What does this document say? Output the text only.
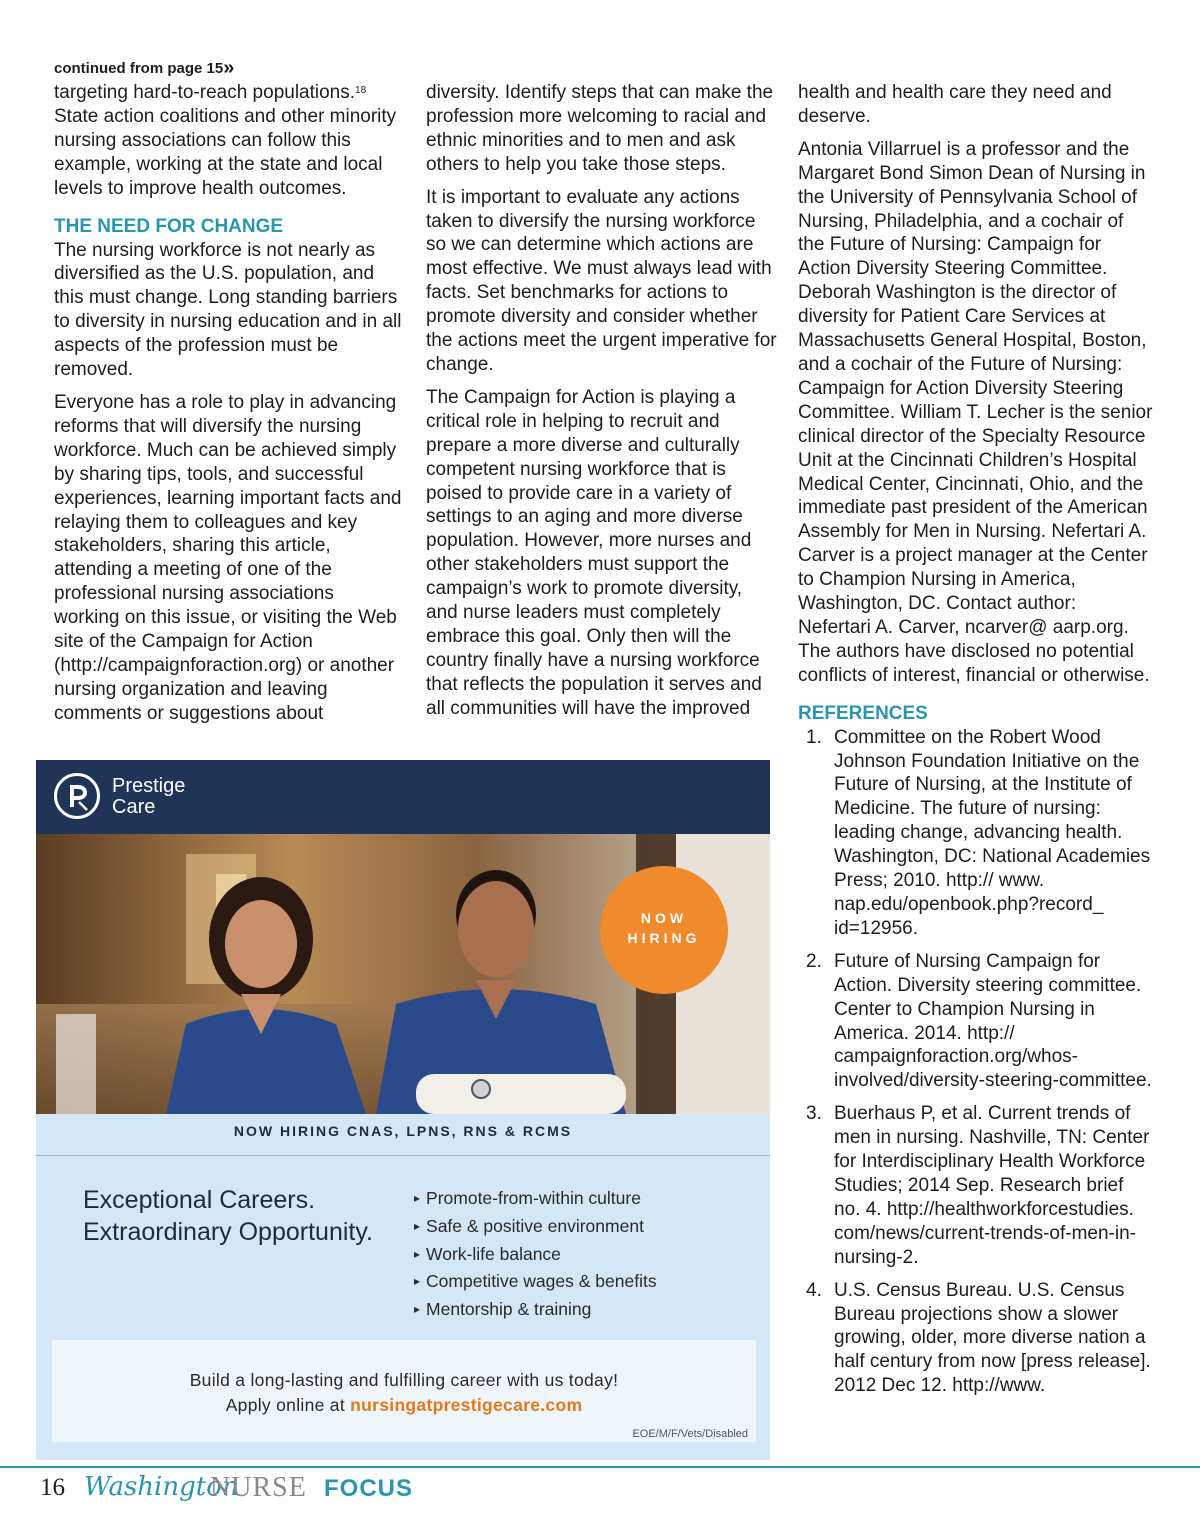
continued from page 15»

targeting hard-to-reach populations.$^{18}$ State action coalitions and other minority nursing associations can follow this example, working at the state and local levels to improve health outcomes.

THE NEED FOR CHANGE

The nursing workforce is not nearly as diversified as the U.S. population, and this must change. Long standing barriers to diversity in nursing education and in all aspects of the profession must be removed.

Everyone has a role to play in advancing reforms that will diversify the nursing workforce. Much can be achieved simply by sharing tips, tools, and successful experiences, learning important facts and relaying them to colleagues and key stakeholders, sharing this article, attending a meeting of one of the professional nursing associations working on this issue, or visiting the Web site of the Campaign for Action (http://campaignforaction.org) or another nursing organization and leaving comments or suggestions about

diversity. Identify steps that can make the profession more welcoming to racial and ethnic minorities and to men and ask others to help you take those steps.

It is important to evaluate any actions taken to diversify the nursing workforce so we can determine which actions are most effective. We must always lead with facts. Set benchmarks for actions to promote diversity and consider whether the actions meet the urgent imperative for change.

The Campaign for Action is playing a critical role in helping to recruit and prepare a more diverse and culturally competent nursing workforce that is poised to provide care in a variety of settings to an aging and more diverse population. However, more nurses and other stakeholders must support the campaign’s work to promote diversity, and nurse leaders must completely embrace this goal. Only then will the country finally have a nursing workforce that reflects the population it serves and all communities will have the improved

health and health care they need and deserve.

Antonia Villarruel is a professor and the Margaret Bond Simon Dean of Nursing in the University of Pennsylvania School of Nursing, Philadelphia, and a cochair of the Future of Nursing: Campaign for Action Diversity Steering Committee. Deborah Washington is the director of diversity for Patient Care Services at Massachusetts General Hospital, Boston, and a cochair of the Future of Nursing: Campaign for Action Diversity Steering Committee. William T. Lecher is the senior clinical director of the Specialty Resource Unit at the Cincinnati Children’s Hospital Medical Center, Cincinnati, Ohio, and the immediate past president of the American Assembly for Men in Nursing. Nefertari A. Carver is a project manager at the Center to Champion Nursing in America, Washington, DC. Contact author: Nefertari A. Carver, ncarver@ aarp.org. The authors have disclosed no potential conflicts of interest, financial or otherwise.

REFERENCES
1. Committee on the Robert Wood Johnson Foundation Initiative on the Future of Nursing, at the Institute of Medicine. The future of nursing: leading change, advancing health. Washington, DC: National Academies Press; 2010. http:// www. nap.edu/openbook.php?record_ id=12956.
2. Future of Nursing Campaign for Action. Diversity steering committee. Center to Champion Nursing in America. 2014. http:// campaignforaction.org/whos-involved/diversity-steering-committee.
3. Buerhaus P, et al. Current trends of men in nursing. Nashville, TN: Center for Interdisciplinary Health Workforce Studies; 2014 Sep. Research brief no. 4. http://healthworkforcestudies. com/news/current-trends-of-men-in-nursing-2.
4. U.S. Census Bureau. U.S. Census Bureau projections show a slower growing, older, more diverse nation a half century from now [press release]. 2012 Dec 12. http://www.
Prestige
Care
NOW
HIRING
NOW HIRING CNAS, LPNS, RNS & RCMS
Exceptional Careers.
Extraordinary Opportunity.
▸ Promote-from-within culture
▸ Safe & positive environment
▸ Work-life balance
▸ Competitive wages & benefits
▸ Mentorship & training
Build a long-lasting and fulfilling career with us today!
Apply online at nursingatprestigecare.com
EOE/M/F/Vets/Disabled
16 Washington
NURSE FOCUS
